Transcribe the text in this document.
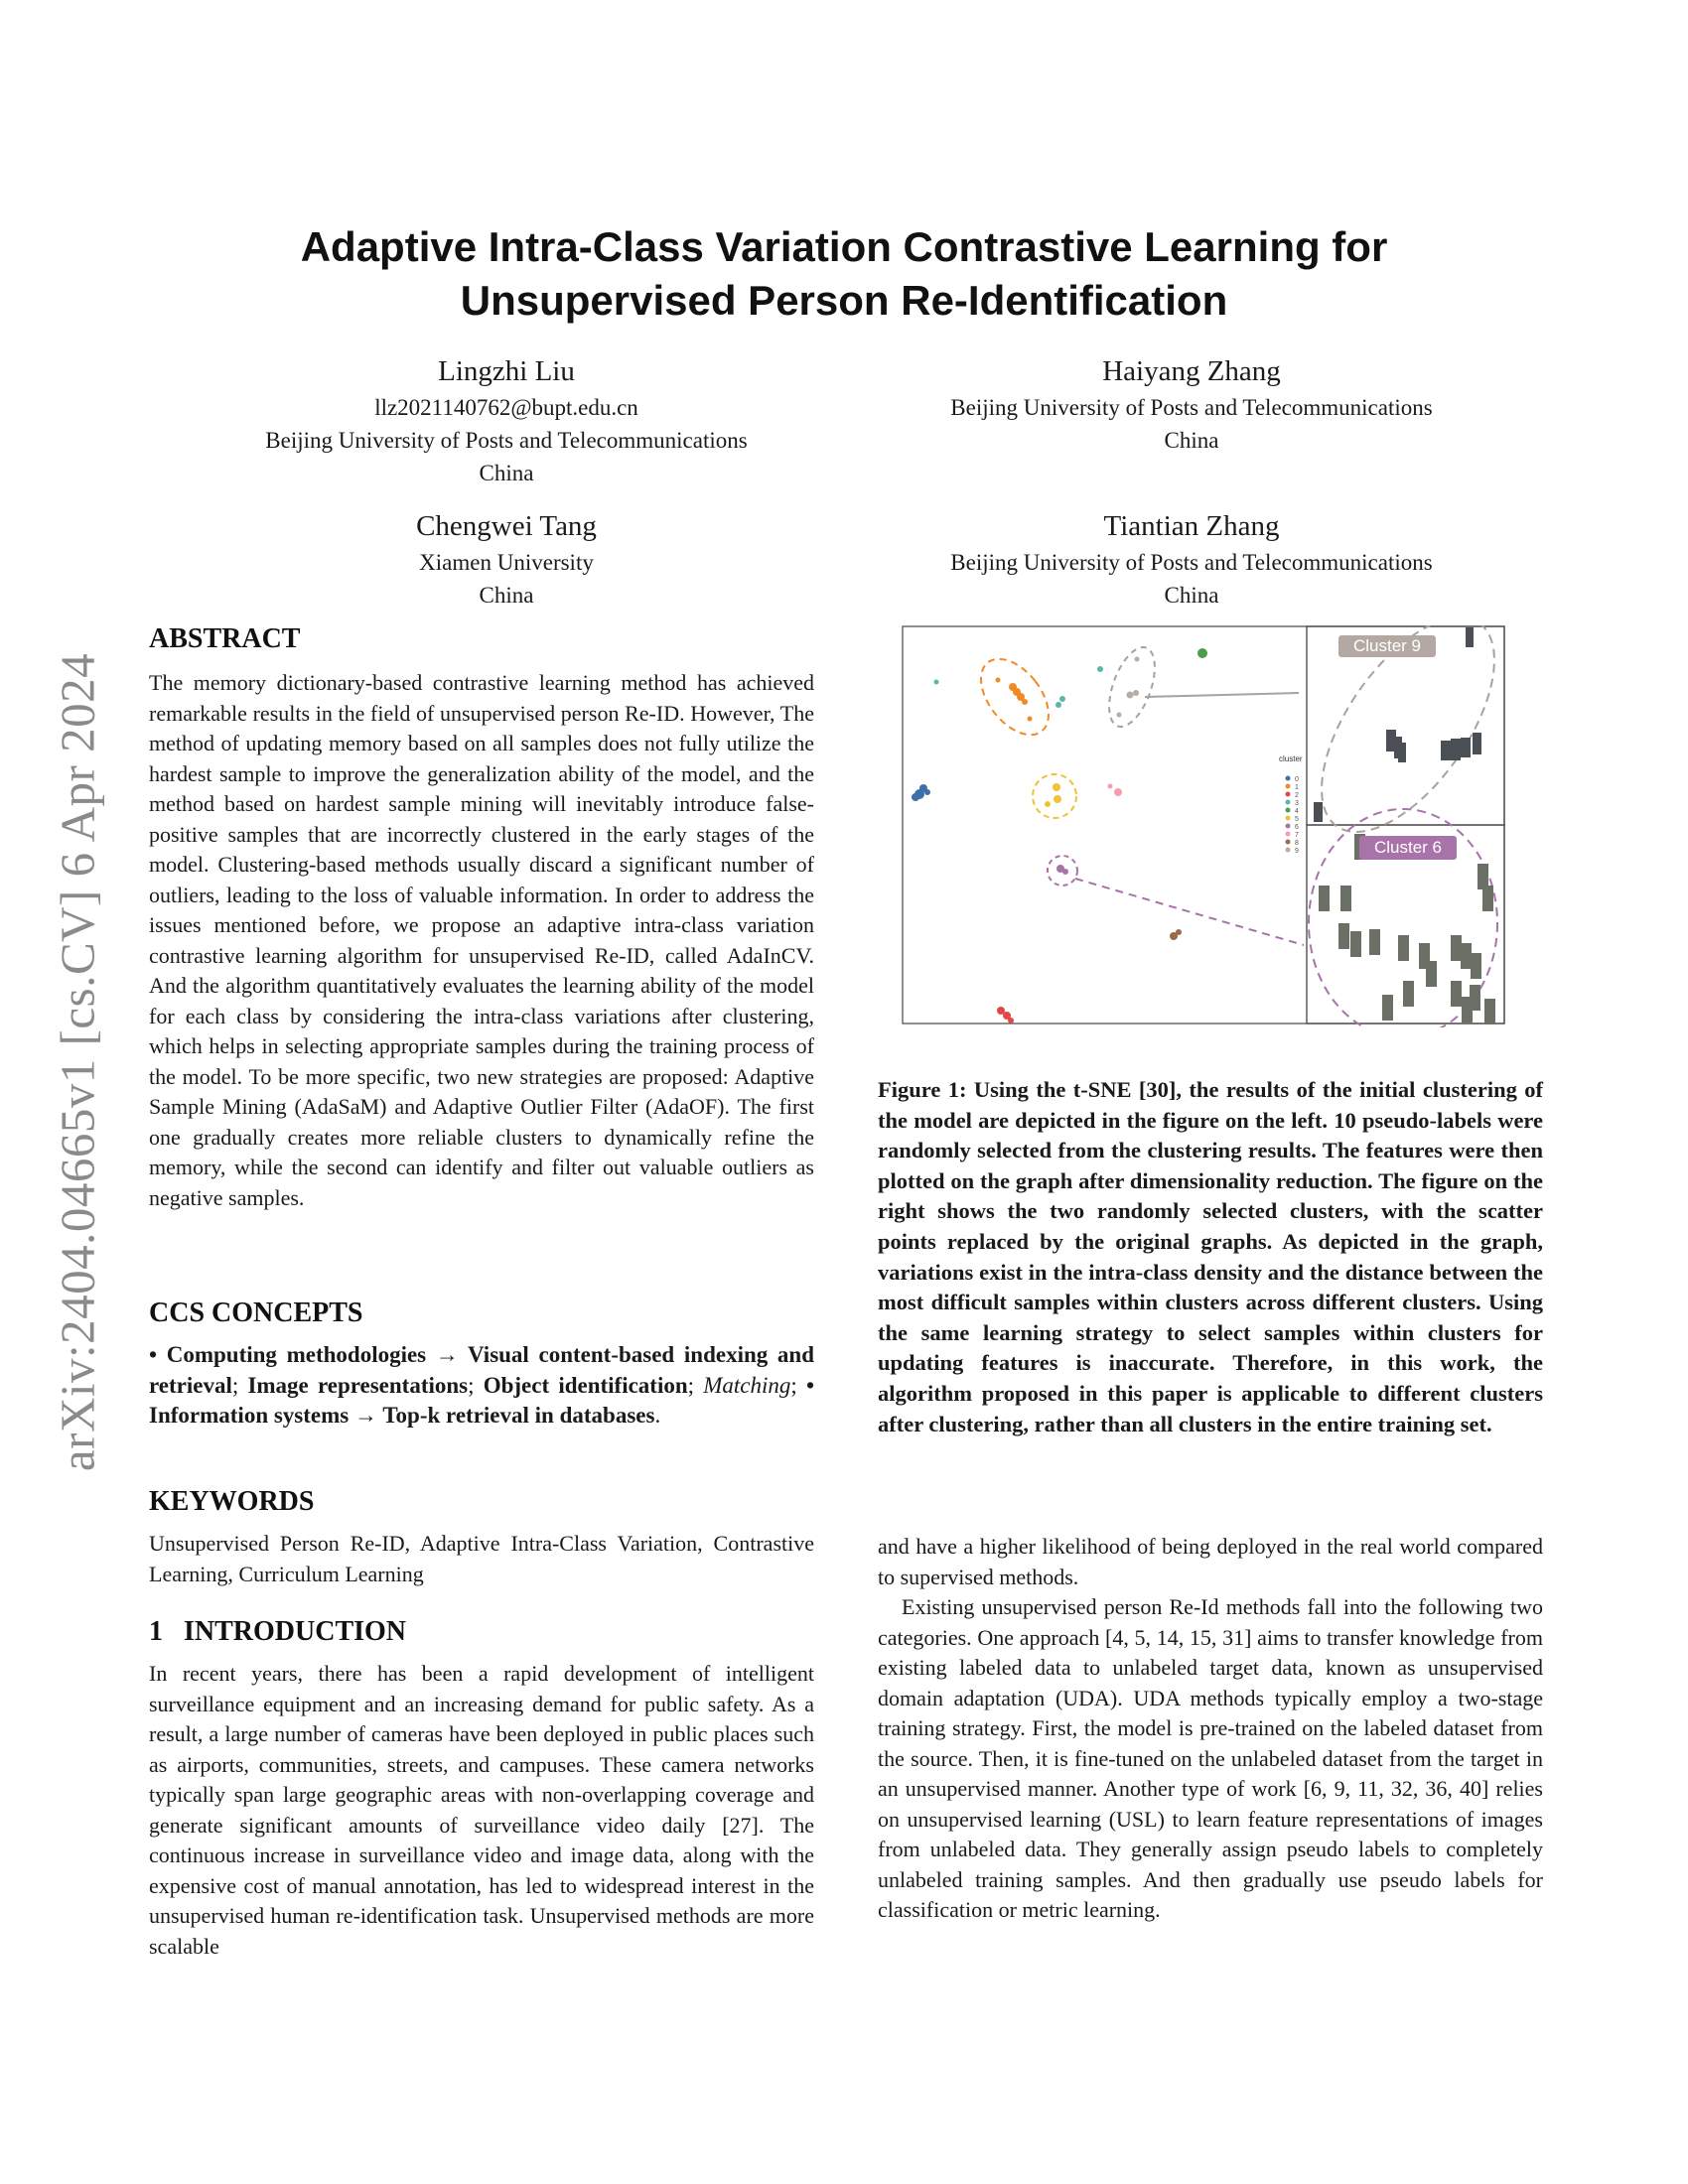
arXiv:2404.04665v1 [cs.CV] 6 Apr 2024
Adaptive Intra-Class Variation Contrastive Learning for
Unsupervised Person Re-Identification
Lingzhi Liu
llz2021140762@bupt.edu.cn
Beijing University of Posts and Telecommunications
China
Haiyang Zhang
Beijing University of Posts and Telecommunications
China
Chengwei Tang
Xiamen University
China
Tiantian Zhang
Beijing University of Posts and Telecommunications
China
ABSTRACT

The memory dictionary-based contrastive learning method has achieved remarkable results in the field of unsupervised person Re-ID. However, The method of updating memory based on all samples does not fully utilize the hardest sample to improve the generalization ability of the model, and the method based on hardest sample mining will inevitably introduce false-positive samples that are incorrectly clustered in the early stages of the model. Clustering-based methods usually discard a significant number of outliers, leading to the loss of valuable information. In order to address the issues mentioned before, we propose an adaptive intra-class variation contrastive learning algorithm for unsupervised Re-ID, called AdaInCV. And the algorithm quantitatively evaluates the learning ability of the model for each class by considering the intra-class variations after clustering, which helps in selecting appropriate samples during the training process of the model. To be more specific, two new strategies are proposed: Adaptive Sample Mining (AdaSaM) and Adaptive Outlier Filter (AdaOF). The first one gradually creates more reliable clusters to dynamically refine the memory, while the second can identify and filter out valuable outliers as negative samples.

CCS CONCEPTS
• Computing methodologies → Visual content-based indexing and retrieval; Image representations; Object identification; Matching; • Information systems → Top-k retrieval in databases.
KEYWORDS

Unsupervised Person Re-ID, Adaptive Intra-Class Variation, Contrastive Learning, Curriculum Learning

1   INTRODUCTION

In recent years, there has been a rapid development of intelligent surveillance equipment and an increasing demand for public safety. As a result, a large number of cameras have been deployed in public places such as airports, communities, streets, and campuses. These camera networks typically span large geographic areas with non-overlapping coverage and generate significant amounts of surveillance video daily [27]. The continuous increase in surveillance video and image data, along with the expensive cost of manual annotation, has led to widespread interest in the unsupervised human re-identification task. Unsupervised methods are more scalable

Cluster 9
Cluster 6
cluster
0
1
2
3
4
5
6
7
8
9
Figure 1: Using the t-SNE [30], the results of the initial clustering of the model are depicted in the figure on the left. 10 pseudo-labels were randomly selected from the clustering results. The features were then plotted on the graph after dimensionality reduction. The figure on the right shows the two randomly selected clusters, with the scatter points replaced by the original graphs. As depicted in the graph, variations exist in the intra-class density and the distance between the most difficult samples within clusters across different clusters. Using the same learning strategy to select samples within clusters for updating features is inaccurate. Therefore, in this work, the algorithm proposed in this paper is applicable to different clusters after clustering, rather than all clusters in the entire training set.

and have a higher likelihood of being deployed in the real world compared to supervised methods.

Existing unsupervised person Re-Id methods fall into the following two categories. One approach [4, 5, 14, 15, 31] aims to transfer knowledge from existing labeled data to unlabeled target data, known as unsupervised domain adaptation (UDA). UDA methods typically employ a two-stage training strategy. First, the model is pre-trained on the labeled dataset from the source. Then, it is fine-tuned on the unlabeled dataset from the target in an unsupervised manner. Another type of work [6, 9, 11, 32, 36, 40] relies on unsupervised learning (USL) to learn feature representations of images from unlabeled data. They generally assign pseudo labels to completely unlabeled training samples. And then gradually use pseudo labels for classification or metric learning.
